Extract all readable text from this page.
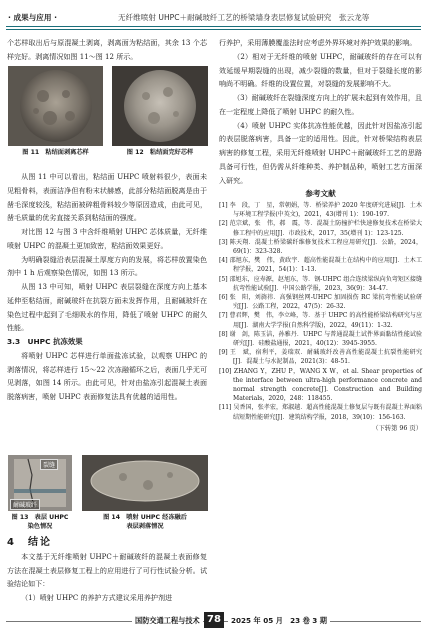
· 成果与应用 ·	无纤维喷射 UHPC＋耐碱玻纤工艺的桥梁墙身表层修复试验研究　张云龙等

个芯样取出后与原混凝土剥离，剥离面为粘结面，其余 13 个芯样完好。剥离情况如图 11～图 12 所示。

图 11　粘结面剥离芯样	图 12　粘结面完好芯样

从图 11 中可以看出，粘结面 UHPC 喷射料很少，表面未见粗骨料，表面洁净但有粉末状赫感，此部分粘结面脱离是由于凿毛深度较浅，粘结面被碎粗骨料较少等原因造成，由此可见，凿毛质量的优劣直接关系到粘结面的强度。

对比图 12 与图 3 中含纤维喷射 UHPC 芯体质量，无纤维喷射 UHPC 的混凝土更加致密，粘结面效果更好。

为明确裂缝沿表层混凝土厚度方向的发展，将芯样放置染色剂中 1 h 后观察染色情况，如图 13 所示。

从图 13 中可知，喷射 UHPC 表层裂缝在深度方向上基本延伸至粘结面，耐碱玻纤在抗裂方面未发挥作用，且耐碱玻纤在染色过程中起到了毛细吸水的作用，降低了喷射 UHPC 的耐久性能。

3.3　UHPC 抗冻效果

将喷射 UHPC 芯样进行单面盐冻试验，以观察 UHPC 的剥落情况，将芯样进行 15～22 次冻融循环之后，表面几乎无可见剥落，如图 14 所示。由此可见，针对由盐冻引起混凝土表面脱落病害，喷射 UHPC 表面修复法具有优越的适用性。

裂缝
耐碱玻纤
图 13　表层 UHPC
染色情况
图 14　喷射 UHPC 经冻融后
表层剥落情况

4　结论

本文基于无纤维喷射 UHPC＋耐碱玻纤的混凝土表面修复方法在混凝土表层修复工程上的应用进行了可行性试验分析。试验结论如下：

（1）喷射 UHPC 的养护方式建议采用养护剂进

行养护，采用薄膜覆盖法时应考虑外界环境对养护效果的影响。

（2）相对于无纤维的喷射 UHPC，耐碱玻纤的存在可以有效延缓早期裂缝的出现，减少裂缝的数量，但对于裂缝长度的影响尚不明确。纤维的设置位置，对裂缝的发展影响不大。

（3）耐碱玻纤在裂缝深度方向上的扩展未起到有效作用，且在一定程度上降低了喷射 UHPC 的耐久性。

（4）喷射 UHPC 实体抗冻性能优越，因此针对因盐冻引起的表层脱落病害，具备一定的适用性。因此，针对桥梁结构表层病害的修复工程，采用无纤维喷射 UHPC＋耐碱玻纤工艺的思路具备可行性，但仍需从纤维种类、养护制品种，喷射工艺方面深入研究。

参考文献

[1] 李　段，丁　星，常朝娟，等．桥梁养护 2020 年度研究进展[J]．土木与环境工程学报(中英文)，2021，43(增刊 1)：190-197.

[2] 范宗斌，张　伟，郝　震，等．混凝土防撞护栏快速修复技术在桥梁大修工程中的应用[J]．市政技术，2017，35(增刊 1)：123-125.

[3] 陈天翔．混凝土桥梁碳纤维修复技术工程应用研究[J]．公路，2024，69(1)：323-328.

[4] 邵旭东，樊　伟，黄政宇．超高性能混凝土在结构中的应用[J]．土木工程学报，2021，54(1)：1-13.

[5] 邵旭东，应寿源，赵旭东，等．钢-UHPC 组合连续梁纵向负弯矩区接缝抗弯性能试验[J]．中国公路学报，2023，36(9)：34-47.

[6] 张　阳，刘旖祎．高强钢丝网-UHPC 加固损伤 RC 梁抗弯性能试验研究[J]．公路工程，2022，47(5)：26-32.

[7] 曹君辉，樊　伟，李立峰，等．基于 UHPC 的高性能桥梁结构研究与应用[J]．湖南大学学报(自然科学版)，2022，49(11)：1-32.

[8] 谢　剑，陈玉洁，孙雅丹．UHPC 与普通混凝土试件界面黏结性能试验研究[J]．硅酸盐通报，2021，40(12)：3945-3955.

[9] 王　斌，宿利平，姜瑞双．耐碱玻纤改善高性能混凝土抗裂性能研究[J]．混凝土与水泥制品，2021(3)：48-51.

[10] ZHANG Y，ZHU P，WANG X W，et al. Shear properties of the interface between ultra-high performance concrete and normal strength concrete[J]. Construction and Building Materials，2020，248：118455.

[11] 吴香国，张孝宏，郑淑越．超高性能混凝土修复层与既有混凝土界面粘结短期性能研究[J]．建筑结构学报，2018，39(10)：156-163.

（下转第 96 页）

国防交通工程与技术 78	2025 年 05 月　23 卷 3 期
